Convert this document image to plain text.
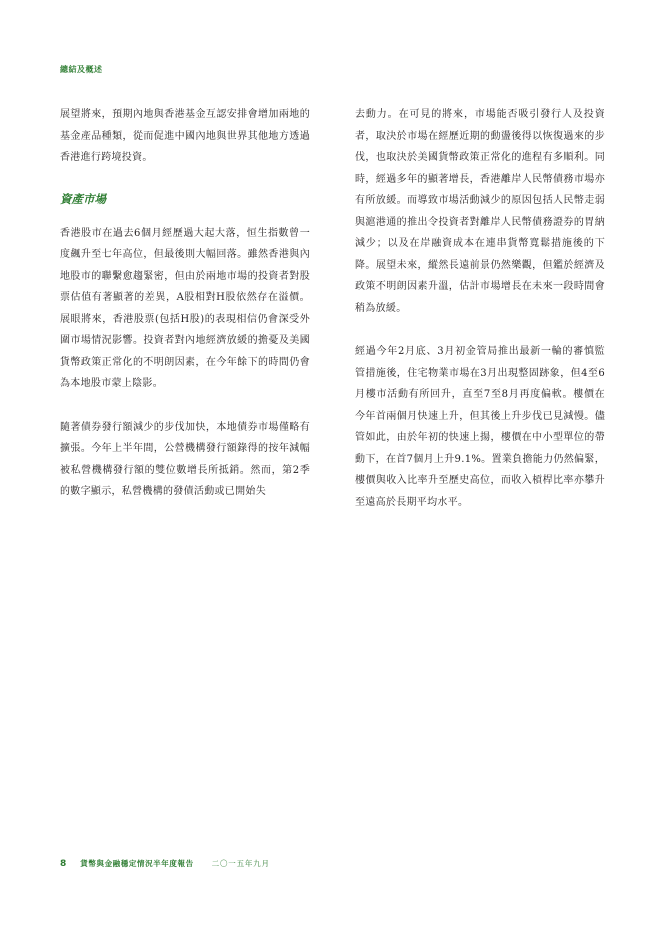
總結及概述

展望將來，預期內地與香港基金互認安排會增加兩地的基金產品種類，從而促進中國內地與世界其他地方透過香港進行跨境投資。

資產市場

香港股市在過去6個月經歷過大起大落，恒生指數曾一度飆升至七年高位，但最後則大幅回落。雖然香港與內地股市的聯繫愈趨緊密，但由於兩地市場的投資者對股票估值有著顯著的差異，A股相對H股依然存在溢價。展眼將來，香港股票(包括H股)的表現相信仍會深受外圍市場情況影響。投資者對內地經濟放緩的擔憂及美國貨幣政策正常化的不明朗因素，在今年餘下的時間仍會為本地股市蒙上陰影。

隨著債券發行額減少的步伐加快，本地債券市場僅略有擴張。今年上半年間，公營機構發行額錄得的按年減幅被私營機構發行額的雙位數增長所抵銷。然而，第2季的數字顯示，私營機構的發債活動或已開始失

去動力。在可見的將來，市場能否吸引發行人及投資者，取決於市場在經歷近期的動盪後得以恢復過來的步伐，也取決於美國貨幣政策正常化的進程有多順利。同時，經過多年的顯著增長，香港離岸人民幣債務市場亦有所放緩。而導致市場活動減少的原因包括人民幣走弱與滬港通的推出令投資者對離岸人民幣債務證券的胃納減少；以及在岸融資成本在連串貨幣寬鬆措施後的下降。展望未來，縱然長遠前景仍然樂觀，但鑑於經濟及政策不明朗因素升溫，估計市場增長在未來一段時間會稍為放緩。

經過今年2月底、3月初金管局推出最新一輪的審慎監管措施後，住宅物業市場在3月出現整固跡象，但4至6月樓市活動有所回升，直至7至8月再度偏軟。樓價在今年首兩個月快速上升，但其後上升步伐已見減慢。儘管如此，由於年初的快速上揚，樓價在中小型單位的帶動下，在首7個月上升9.1%。置業負擔能力仍然偏緊，樓價與收入比率升至歷史高位，而收入槓桿比率亦攀升至遠高於長期平均水平。

8 貨幣與金融穩定情況半年度報告 二〇一五年九月
